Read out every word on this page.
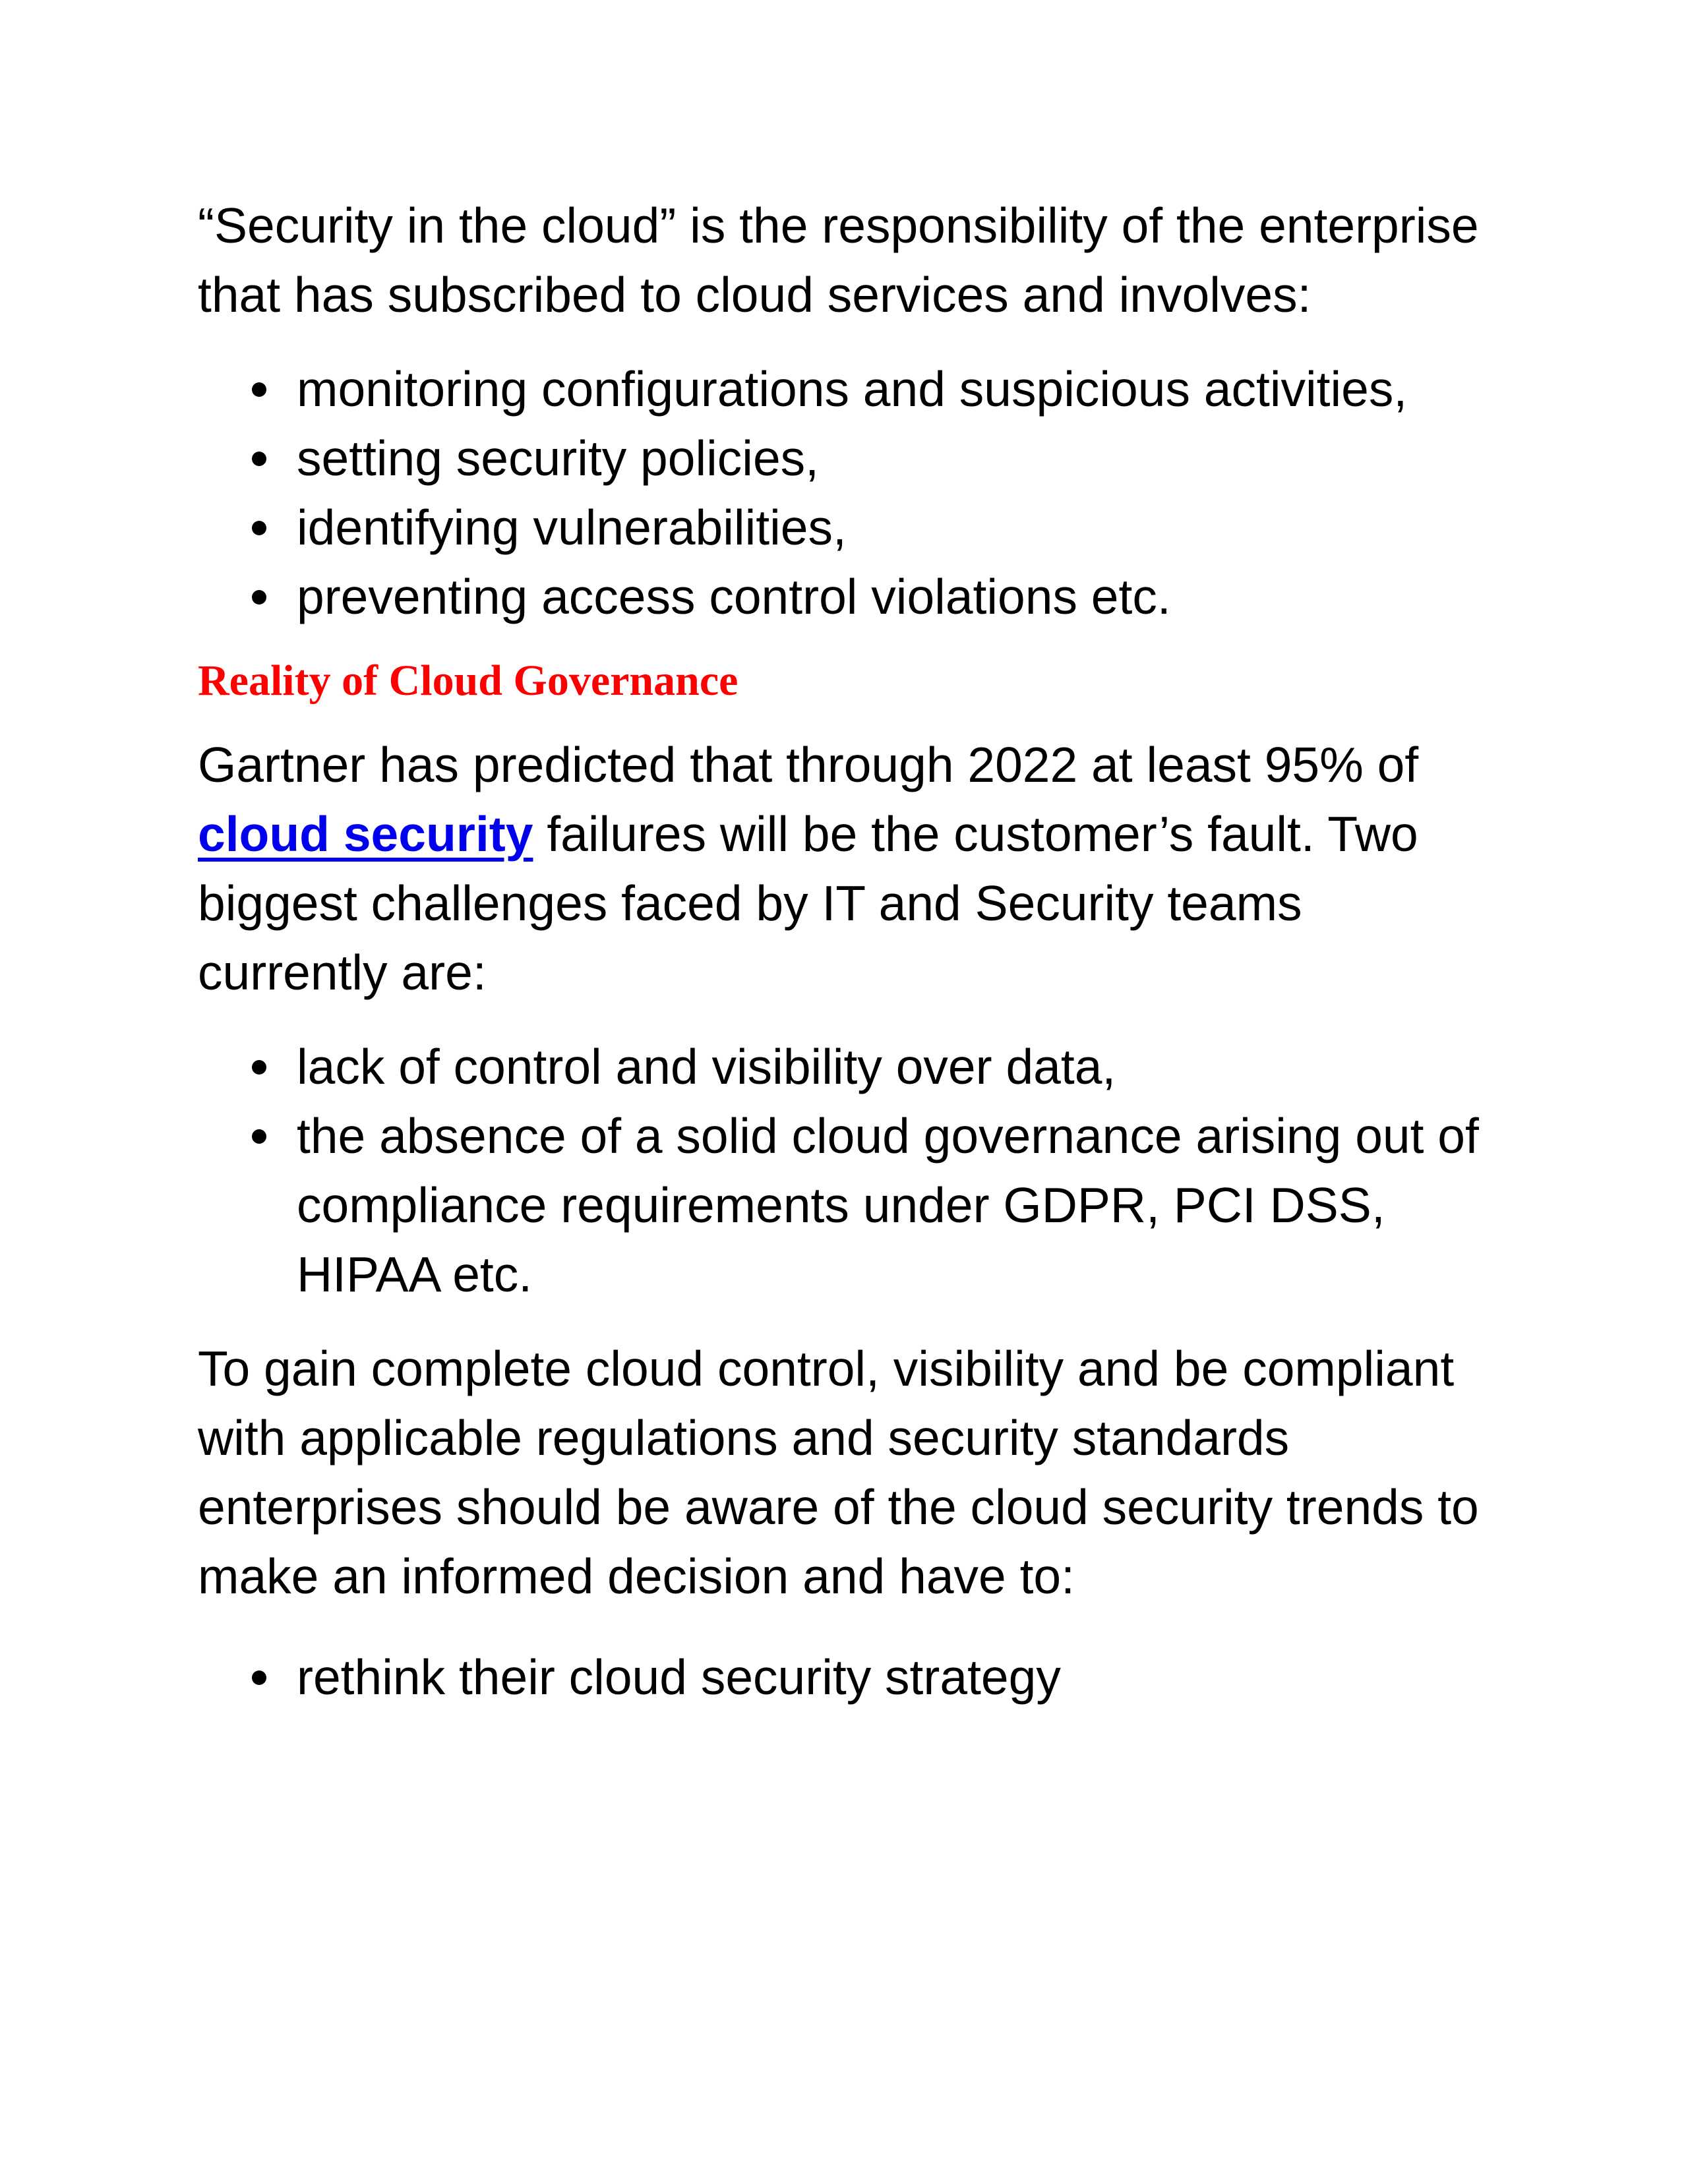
“Security in the cloud” is the responsibility of the enterprise that has subscribed to cloud services and involves:

monitoring configurations and suspicious activities,
setting security policies,
identifying vulnerabilities,
preventing access control violations etc.
Reality of Cloud Governance

Gartner has predicted that through 2022 at least 95% of cloud security failures will be the customer’s fault. Two biggest challenges faced by IT and Security teams currently are:

lack of control and visibility over data,
the absence of a solid cloud governance arising out of compliance requirements under GDPR, PCI DSS, HIPAA etc.

To gain complete cloud control, visibility and be compliant with applicable regulations and security standards enterprises should be aware of the cloud security trends to make an informed decision and have to:

rethink their cloud security strategy
